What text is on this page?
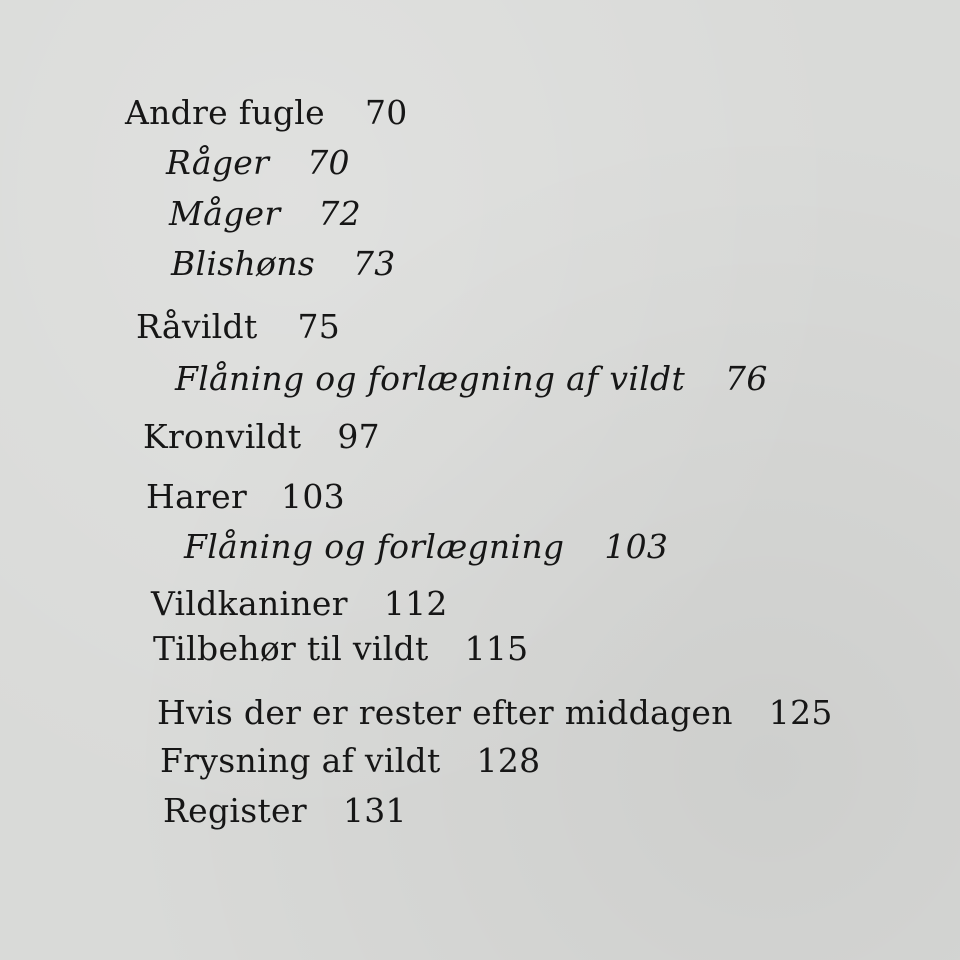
Andre fugle 70
Råger 70
Måger 72
Blishøns 73
Råvildt 75
Flåning og forlægning af vildt 76
Kronvildt 97
Harer 103
Flåning og forlægning 103
Vildkaniner 112
Tilbehør til vildt 115
Hvis der er rester efter middagen 125
Frysning af vildt 128
Register 131
